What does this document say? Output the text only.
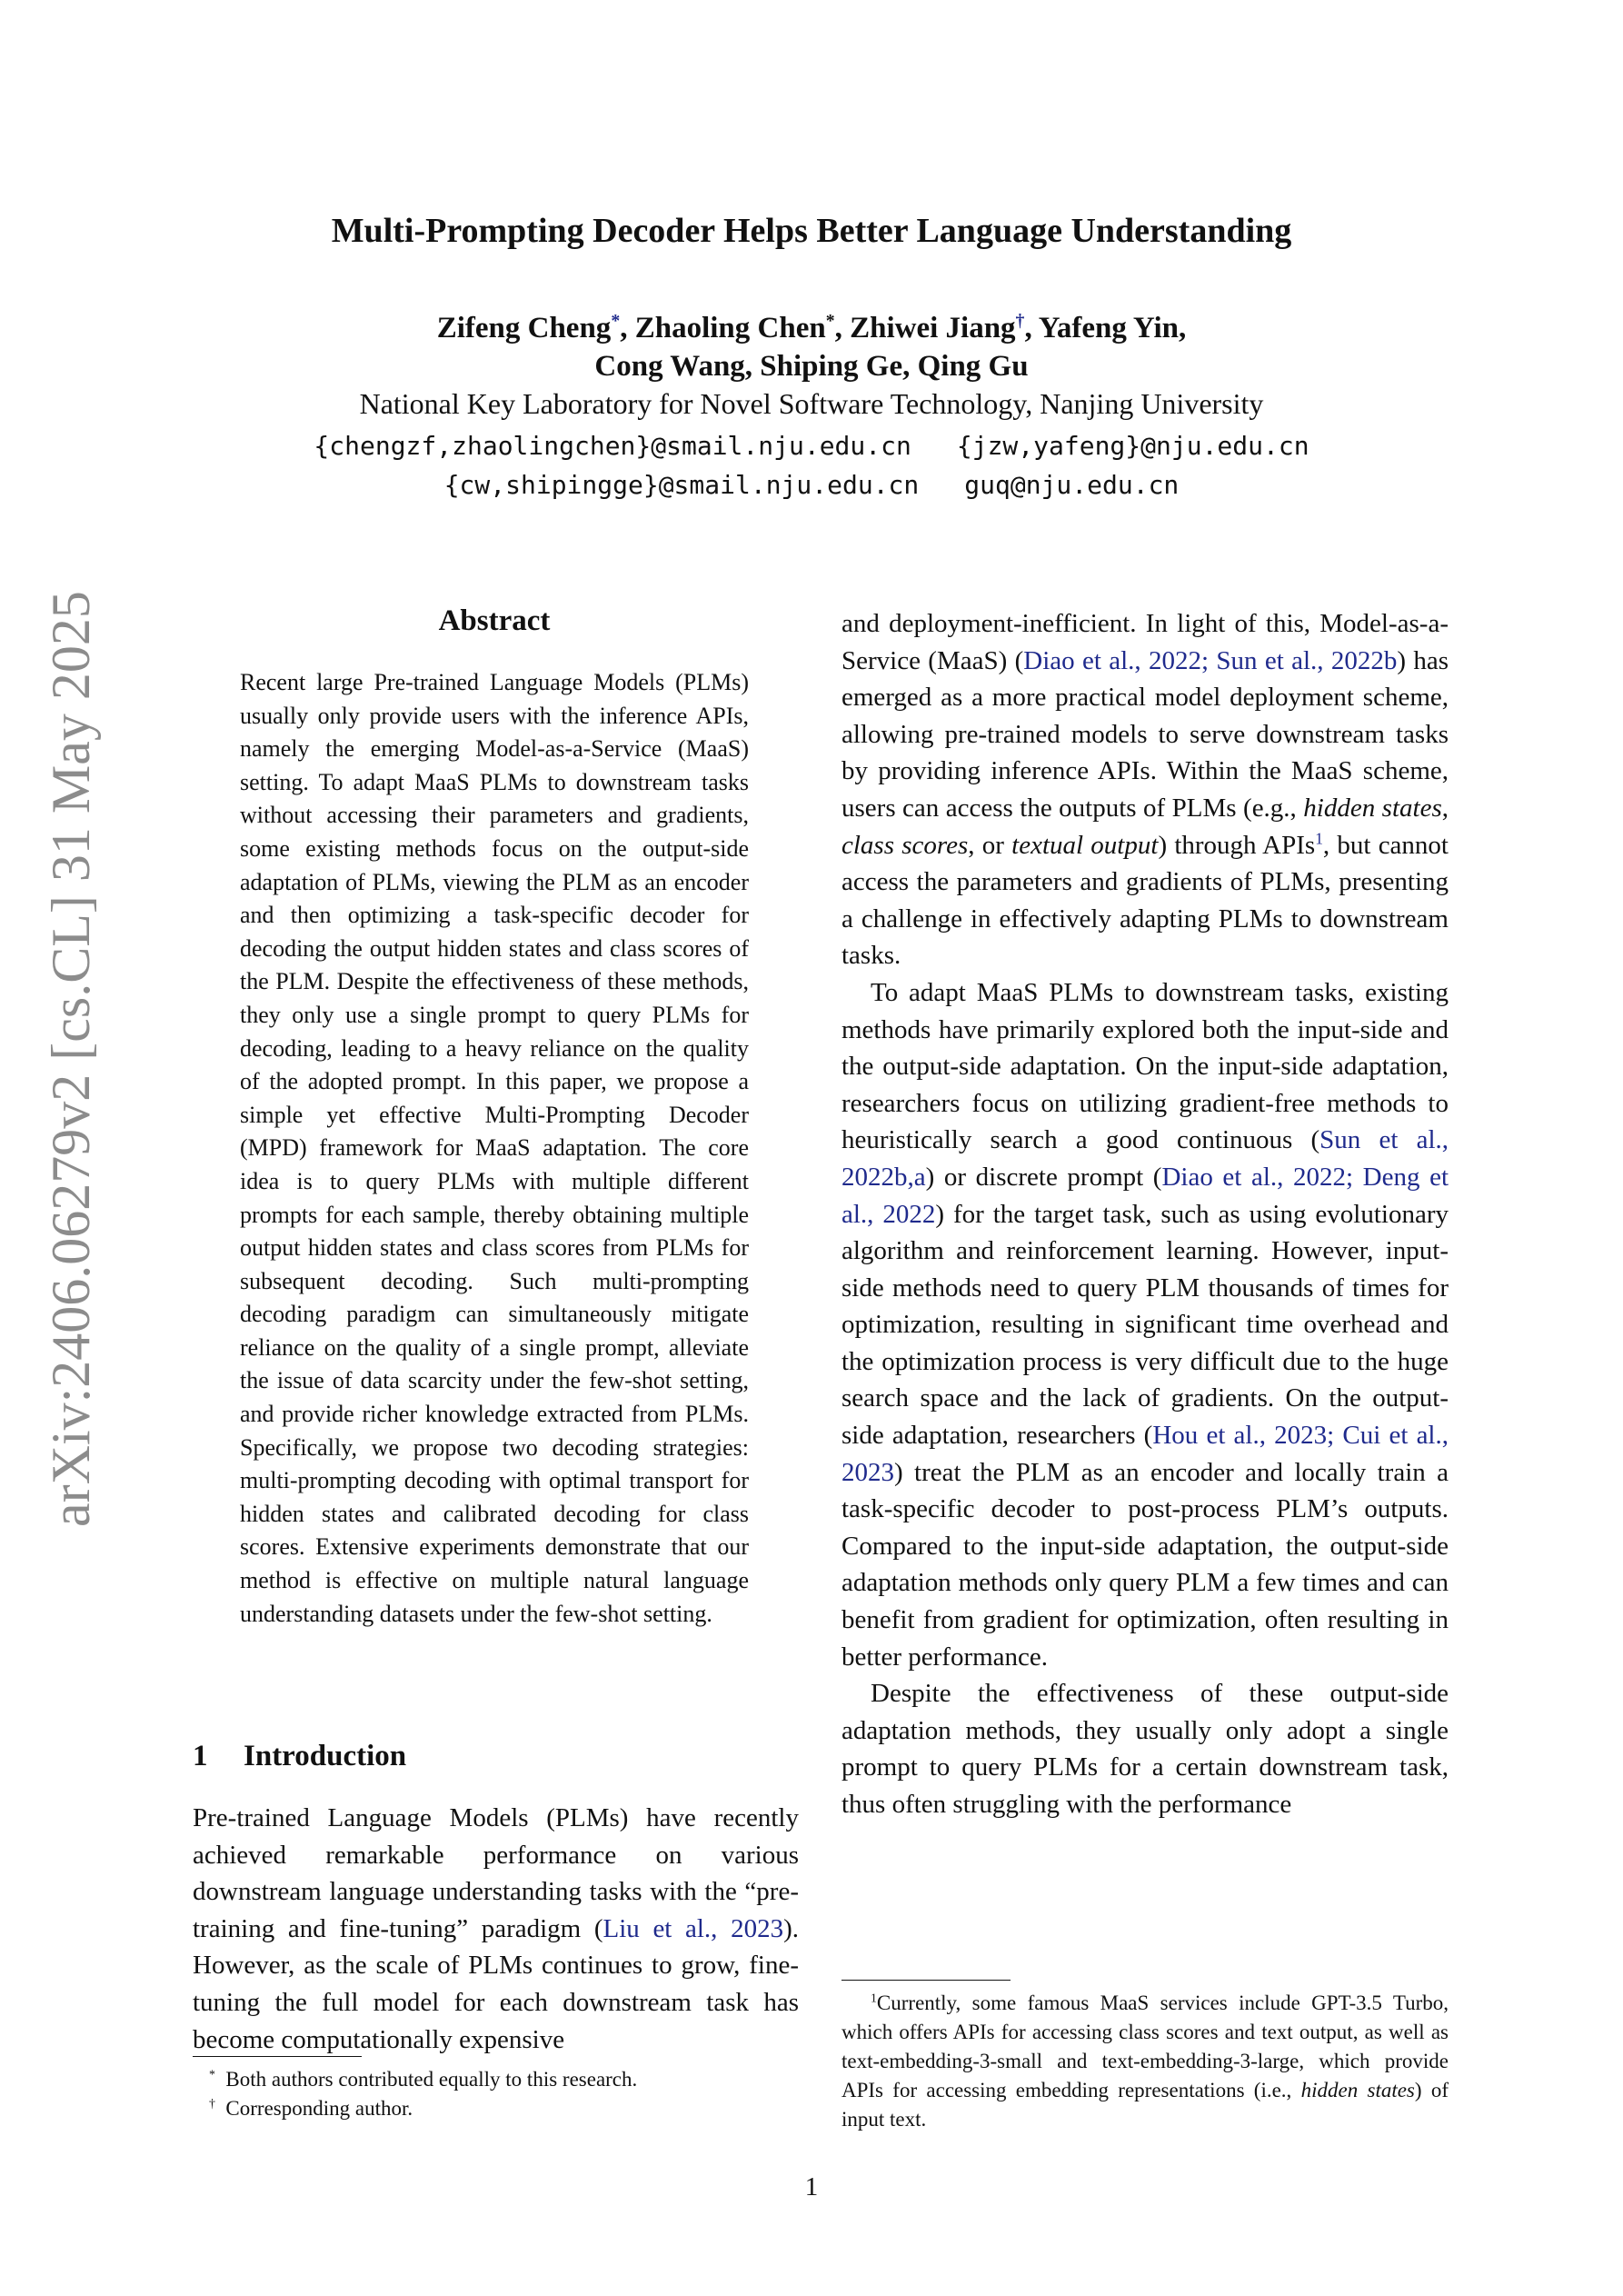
arXiv:2406.06279v2 [cs.CL] 31 May 2025
Multi-Prompting Decoder Helps Better Language Understanding
Zifeng Cheng*, Zhaoling Chen*, Zhiwei Jiang†, Yafeng Yin,
Cong Wang, Shiping Ge, Qing Gu
National Key Laboratory for Novel Software Technology, Nanjing University
{chengzf,zhaolingchen}@smail.nju.edu.cn {jzw,yafeng}@nju.edu.cn
{cw,shipingge}@smail.nju.edu.cn guq@nju.edu.cn
Abstract
Recent large Pre-trained Language Models (PLMs) usually only provide users with the inference APIs, namely the emerging Model-as-a-Service (MaaS) setting. To adapt MaaS PLMs to downstream tasks without accessing their parameters and gradients, some existing methods focus on the output-side adaptation of PLMs, viewing the PLM as an encoder and then optimizing a task-specific decoder for decoding the output hidden states and class scores of the PLM. Despite the effectiveness of these methods, they only use a single prompt to query PLMs for decoding, leading to a heavy reliance on the quality of the adopted prompt. In this paper, we propose a simple yet effective Multi-Prompting Decoder (MPD) framework for MaaS adaptation. The core idea is to query PLMs with multiple different prompts for each sample, thereby obtaining multiple output hidden states and class scores from PLMs for subsequent decoding. Such multi-prompting decoding paradigm can simultaneously mitigate reliance on the quality of a single prompt, alleviate the issue of data scarcity under the few-shot setting, and provide richer knowledge extracted from PLMs. Specifically, we propose two decoding strategies: multi-prompting decoding with optimal transport for hidden states and calibrated decoding for class scores. Extensive experiments demonstrate that our method is effective on multiple natural language understanding datasets under the few-shot setting.
1 Introduction
Pre-trained Language Models (PLMs) have recently achieved remarkable performance on various downstream language understanding tasks with the “pre-training and fine-tuning” paradigm (Liu et al., 2023). However, as the scale of PLMs continues to grow, fine-tuning the full model for each downstream task has become computationally expensive

and deployment-inefficient. In light of this, Model-as-a-Service (MaaS) (Diao et al., 2022; Sun et al., 2022b) has emerged as a more practical model deployment scheme, allowing pre-trained models to serve downstream tasks by providing inference APIs. Within the MaaS scheme, users can access the outputs of PLMs (e.g., hidden states, class scores, or textual output) through APIs$^1$, but cannot access the parameters and gradients of PLMs, presenting a challenge in effectively adapting PLMs to downstream tasks.

To adapt MaaS PLMs to downstream tasks, existing methods have primarily explored both the input-side and the output-side adaptation. On the input-side adaptation, researchers focus on utilizing gradient-free methods to heuristically search a good continuous (Sun et al., 2022b,a) or discrete prompt (Diao et al., 2022; Deng et al., 2022) for the target task, such as using evolutionary algorithm and reinforcement learning. However, input-side methods need to query PLM thousands of times for optimization, resulting in significant time overhead and the optimization process is very difficult due to the huge search space and the lack of gradients. On the output-side adaptation, researchers (Hou et al., 2023; Cui et al., 2023) treat the PLM as an encoder and locally train a task-specific decoder to post-process PLM’s outputs. Compared to the input-side adaptation, the output-side adaptation methods only query PLM a few times and can benefit from gradient for optimization, often resulting in better performance.

Despite the effectiveness of these output-side adaptation methods, they usually only adopt a single prompt to query PLMs for a certain downstream task, thus often struggling with the performance

* Both authors contributed equally to this research.
† Corresponding author.
$^1$Currently, some famous MaaS services include GPT-3.5 Turbo, which offers APIs for accessing class scores and text output, as well as text-embedding-3-small and text-embedding-3-large, which provide APIs for accessing embedding representations (i.e., hidden states) of input text.
1
